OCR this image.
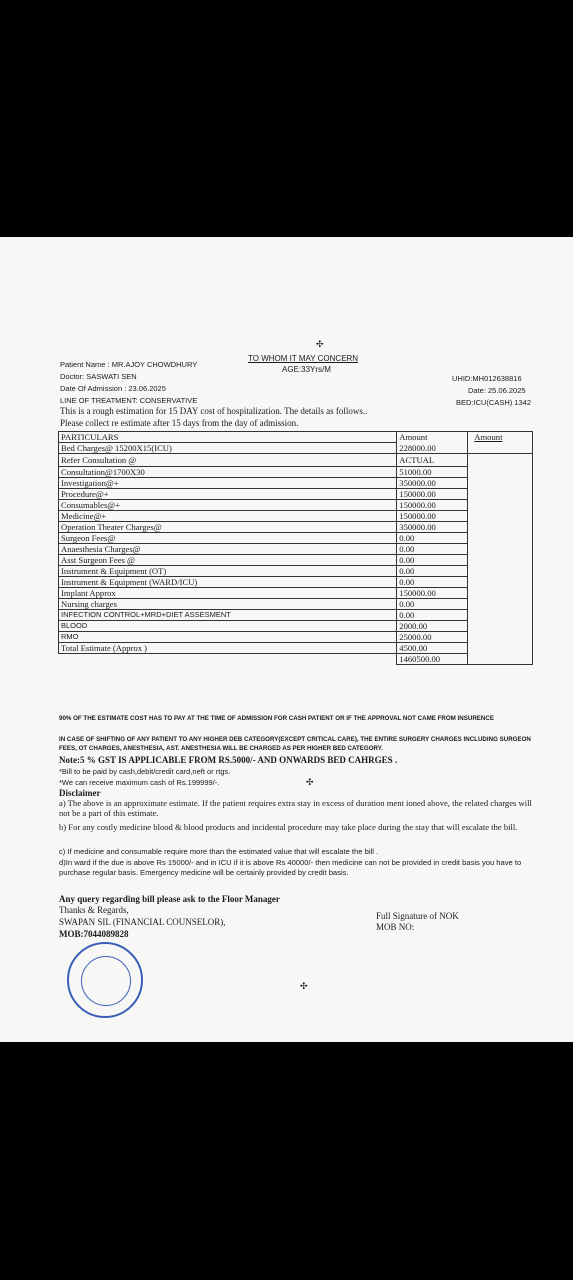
✣
TO WHOM IT MAY CONCERN
AGE:33Yrs/M
Patient Name : MR.AJOY CHOWDHURY
Doctor: SASWATI SEN
Date Of Admission : 23.06.2025
LINE OF TREATMENT: CONSERVATIVE
UHID:MH012638816
Date: 25.06.2025
BED:ICU(CASH) 1342
This is a rough estimation for 15 DAY cost of hospitalization. The details as follows..
Please collect re estimate after 15 days from the day of admission.
PARTICULARS	Amount	Amount	
Bed Charges@ 15200X15(ICU)	228000.00		
Refer Consultation @	ACTUAL		
Consultation@1700X30	51000.00		
Investigation@+	350000.00		
Procedure@+	150000.00		
Consumables@+	150000.00		
Medicine@+	150000.00		
Operation Theater Charges@	350000.00		
Surgeon Fees@	0.00		
Anaesthesia Charges@	0.00		
Asst Surgeon Fees @	0.00		
Instrument & Equipment (OT)	0.00		
Instrument & Equipment (WARD/ICU)	0.00		
Implant Approx	150000.00		
Nursing charges	0.00		
INFECTION CONTROL+MRD+DIET ASSESMENT	0.00		
BLOOD	2000.00		
RMO	25000.00		
Total Estimate (Approx )	4500.00		
	1460500.00		
90% OF THE ESTIMATE COST HAS TO PAY AT THE TIME OF ADMISSION FOR CASH PATIENT OR IF THE APPROVAL NOT CAME FROM INSURENCE
IN CASE OF SHIFTING OF ANY PATIENT TO ANY HIGHER DEB CATEGORY(EXCEPT CRITICAL CARE), THE ENTIRE SURGERY CHARGES INCLUDING SURGEON FEES, OT CHARGES, ANESTHESIA, AST. ANESTHESIA WILL BE CHARGED AS PER HIGHER BED CATEGORY.
Note:5 % GST IS APPLICABLE FROM RS.5000/- AND ONWARDS BED CAHRGES .
*Bill to be paid by cash,debit/credit card,neft or rtgs.
*We can receive maximum cash of Rs.199999/-.	✣
Disclaimer
a) The above is an approximate estimate. If the patient requires extra stay in excess of duration ment ioned above, the related charges will not be a part of this estimate.
b) For any costly medicine blood & blood products and incidental procedure may take place during the stay that will escalate the bill.
c) If medicine and consumable require more than the estimated value that will escalate the bill .
d)In ward if the due is above Rs 15000/- and in ICU if it is above Rs 40000/- then medicine can not be provided in credit basis you have to purchase regular basis. Emergency medicine will be certainly provided by credit basis.
Any query regarding bill please ask to the Floor Manager
Thanks & Regards,
SWAPAN SIL (FINANCIAL COUNSELOR),
MOB:7044089828
Full Signature of NOK
MOB NO:
✣
